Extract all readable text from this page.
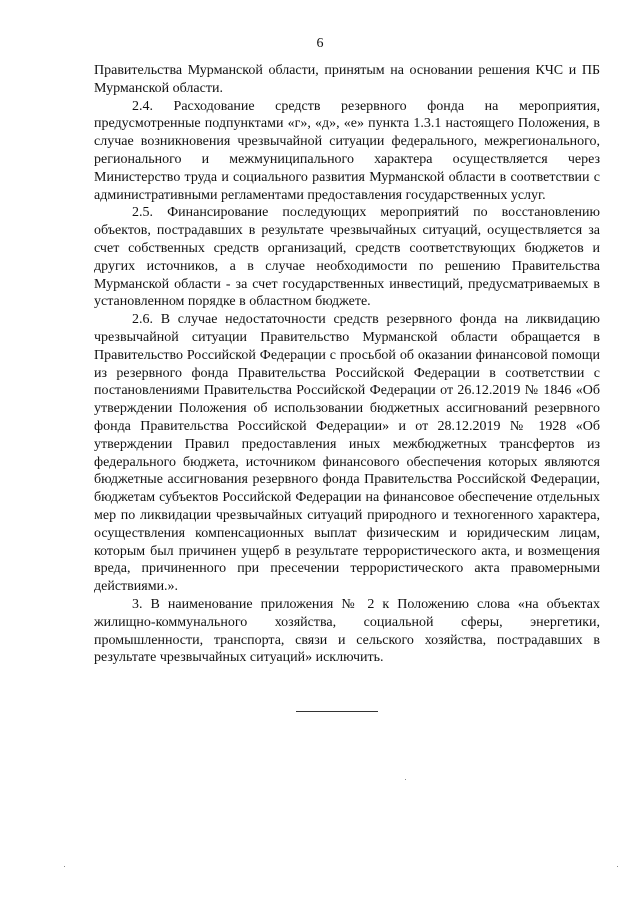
6

Правительства Мурманской области, принятым на основании решения КЧС и ПБ Мурманской области.

2.4. Расходование средств резервного фонда на мероприятия, предусмотренные подпунктами «г», «д», «е» пункта 1.3.1 настоящего Положения, в случае возникновения чрезвычайной ситуации федерального, межрегионального, регионального и межмуниципального характера осуществляется через Министерство труда и социального развития Мурманской области в соответствии с административными регламентами предоставления государственных услуг.

2.5. Финансирование последующих мероприятий по восстановлению объектов, пострадавших в результате чрезвычайных ситуаций, осуществляется за счет собственных средств организаций, средств соответствующих бюджетов и других источников, а в случае необходимости по решению Правительства Мурманской области - за счет государственных инвестиций, предусматриваемых в установленном порядке в областном бюджете.

2.6. В случае недостаточности средств резервного фонда на ликвидацию чрезвычайной ситуации Правительство Мурманской области обращается в Правительство Российской Федерации с просьбой об оказании финансовой помощи из резервного фонда Правительства Российской Федерации в соответствии с постановлениями Правительства Российской Федерации от 26.12.2019 № 1846 «Об утверждении Положения об использовании бюджетных ассигнований резервного фонда Правительства Российской Федерации» и от 28.12.2019 № 1928 «Об утверждении Правил предоставления иных межбюджетных трансфертов из федерального бюджета, источником финансового обеспечения которых являются бюджетные ассигнования резервного фонда Правительства Российской Федерации, бюджетам субъектов Российской Федерации на финансовое обеспечение отдельных мер по ликвидации чрезвычайных ситуаций природного и техногенного характера, осуществления компенсационных выплат физическим и юридическим лицам, которым был причинен ущерб в результате террористического акта, и возмещения вреда, причиненного при пресечении террористического акта правомерными действиями.».

3. В наименование приложения № 2 к Положению слова «на объектах жилищно-коммунального хозяйства, социальной сферы, энергетики, промышленности, транспорта, связи и сельского хозяйства, пострадавших в результате чрезвычайных ситуаций» исключить.
